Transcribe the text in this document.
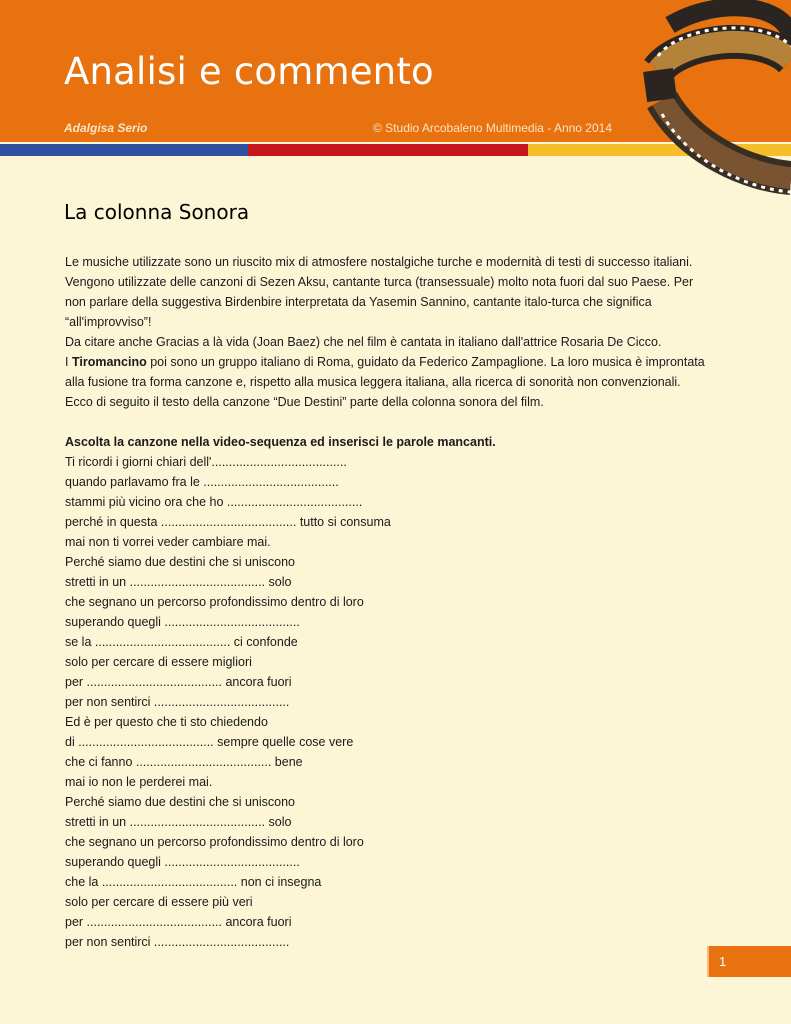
Analisi e commento
Adalgisa Serio	© Studio Arcobaleno Multimedia - Anno 2014
La colonna Sonora

Le musiche utilizzate sono un riuscito mix di atmosfere nostalgiche turche e modernità di testi di successo italiani.

Vengono utilizzate delle canzoni di Sezen Aksu, cantante turca (transessuale) molto nota fuori dal suo Paese. Per

non parlare della suggestiva Birdenbire interpretata da Yasemin Sannino, cantante italo-turca che significa

“all'improvviso”!

Da citare anche Gracias a là vida (Joan Baez) che nel film è cantata in italiano dall'attrice Rosaria De Cicco.

I Tiromancino poi sono un gruppo italiano di Roma, guidato da Federico Zampaglione. La loro musica è improntata

alla fusione tra forma canzone e, rispetto alla musica leggera italiana, alla ricerca di sonorità non convenzionali.

Ecco di seguito il testo della canzone “Due Destini” parte della colonna sonora del film.

Ascolta la canzone nella video-sequenza ed inserisci le parole mancanti.

Ti ricordi i giorni chiari dell'.......................................

quando parlavamo fra le .......................................

stammi più vicino ora che ho .......................................

perché in questa ....................................... tutto si consuma

mai non ti vorrei veder cambiare mai.

Perché siamo due destini che si uniscono

stretti in un ....................................... solo

che segnano un percorso profondissimo dentro di loro

superando quegli .......................................

se la ....................................... ci confonde

solo per cercare di essere migliori

per ....................................... ancora fuori

per non sentirci .......................................

Ed è per questo che ti sto chiedendo

di ....................................... sempre quelle cose vere

che ci fanno ....................................... bene

mai io non le perderei mai.

Perché siamo due destini che si uniscono

stretti in un ....................................... solo

che segnano un percorso profondissimo dentro di loro

superando quegli .......................................

che la ....................................... non ci insegna

solo per cercare di essere più veri

per ....................................... ancora fuori

per non sentirci .......................................

1
